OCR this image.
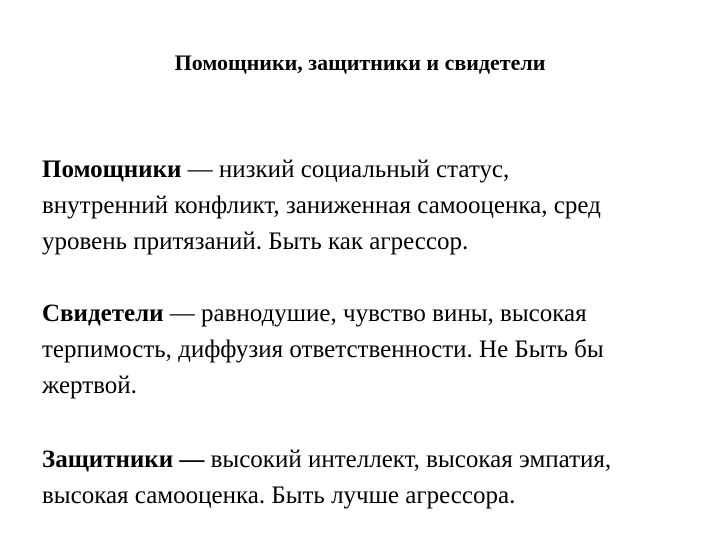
Помощники, защитники и свидетели

Помощники — низкий социальный статус,
внутренний конфликт, заниженная самооценка, сред
уровень притязаний. Быть как агрессор.

Свидетели — равнодушие, чувство вины, высокая
терпимость, диффузия ответственности. Не Быть бы
жертвой.

Защитники — высокий интеллект, высокая эмпатия,
высокая самооценка. Быть лучше агрессора.
